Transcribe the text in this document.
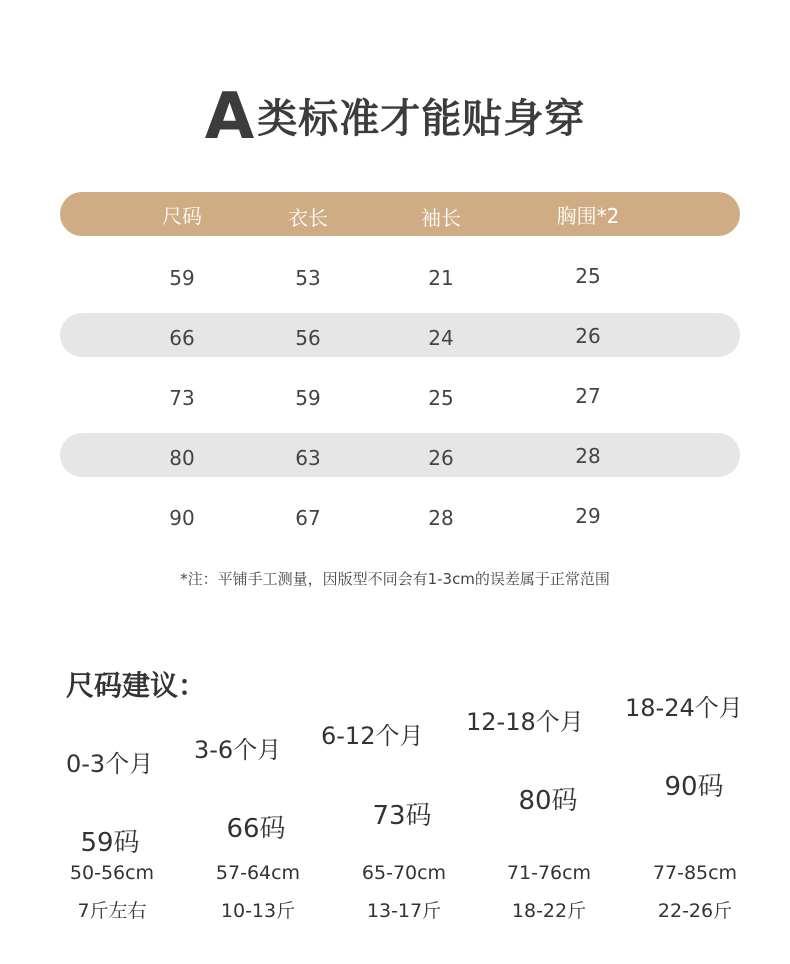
A类标准才能贴身穿
尺码	衣长	袖长	胸围*2
59	53	21	25
66	56	24	26
73	59	25	27
80	63	26	28
90	67	28	29
*注：平铺手工测量，因版型不同会有1-3cm的误差属于正常范围
尺码建议：
0-3个月	3-6个月	6-12个月	12-18个月	18-24个月
59码	66码	73码	80码	90码
50-56cm	57-64cm	65-70cm	71-76cm	77-85cm
7斤左右	10-13斤	13-17斤	18-22斤	22-26斤
